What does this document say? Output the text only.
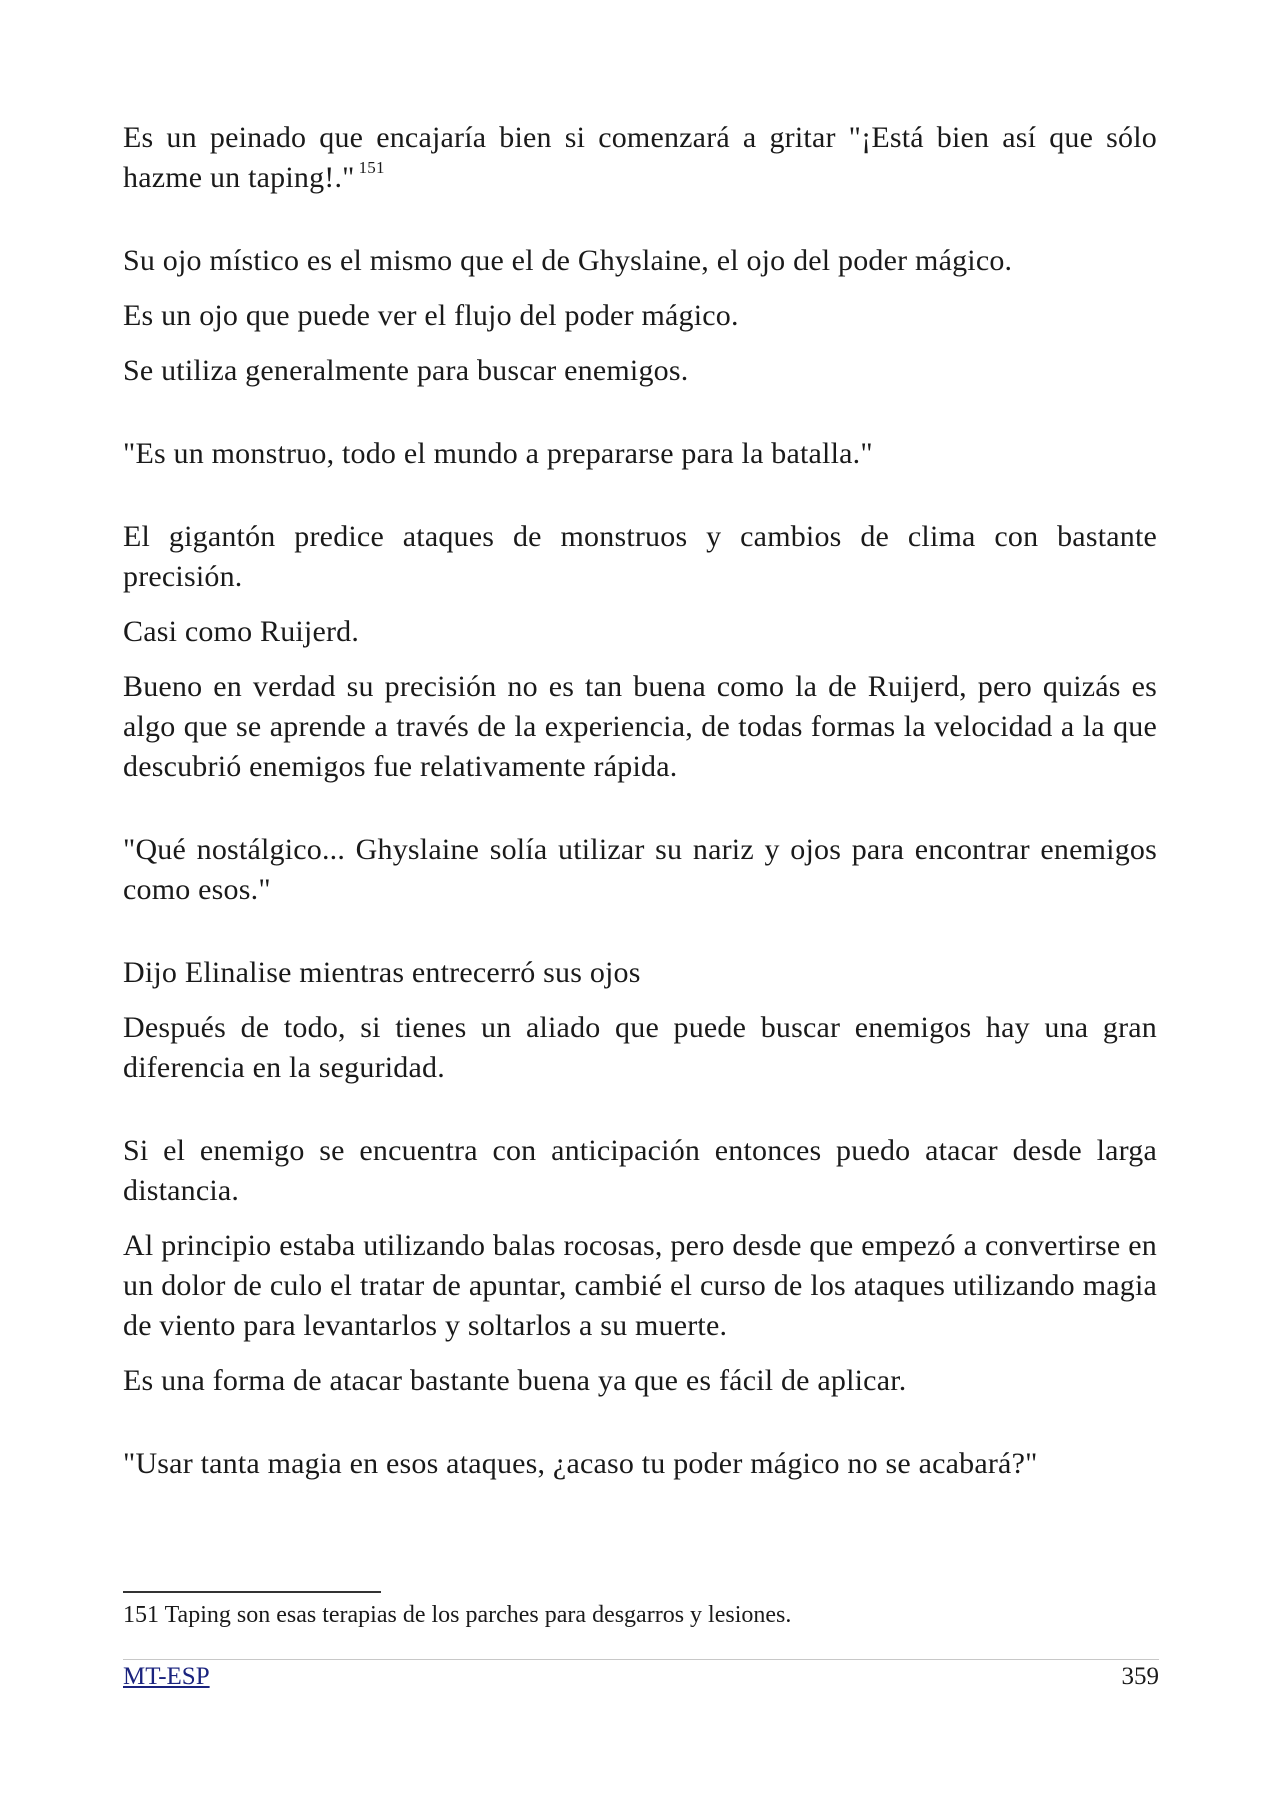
Es un peinado que encajaría bien si comenzará a gritar "¡Está bien así que sólo hazme un taping!." $^{151}$

Su ojo místico es el mismo que el de Ghyslaine, el ojo del poder mágico.

Es un ojo que puede ver el flujo del poder mágico.

Se utiliza generalmente para buscar enemigos.

"Es un monstruo, todo el mundo a prepararse para la batalla."

El gigantón predice ataques de monstruos y cambios de clima con bastante precisión.

Casi como Ruijerd.

Bueno en verdad su precisión no es tan buena como la de Ruijerd, pero quizás es algo que se aprende a través de la experiencia, de todas formas la velocidad a la que descubrió enemigos fue relativamente rápida.

"Qué nostálgico... Ghyslaine solía utilizar su nariz y ojos para encontrar enemigos como esos."

Dijo Elinalise mientras entrecerró sus ojos

Después de todo, si tienes un aliado que puede buscar enemigos hay una gran diferencia en la seguridad.

Si el enemigo se encuentra con anticipación entonces puedo atacar desde larga distancia.

Al principio estaba utilizando balas rocosas, pero desde que empezó a convertirse en un dolor de culo el tratar de apuntar, cambié el curso de los ataques utilizando magia de viento para levantarlos y soltarlos a su muerte.

Es una forma de atacar bastante buena ya que es fácil de aplicar.

"Usar tanta magia en esos ataques, ¿acaso tu poder mágico no se acabará?"

151 Taping son esas terapias de los parches para desgarros y lesiones.
MT-ESP	359
